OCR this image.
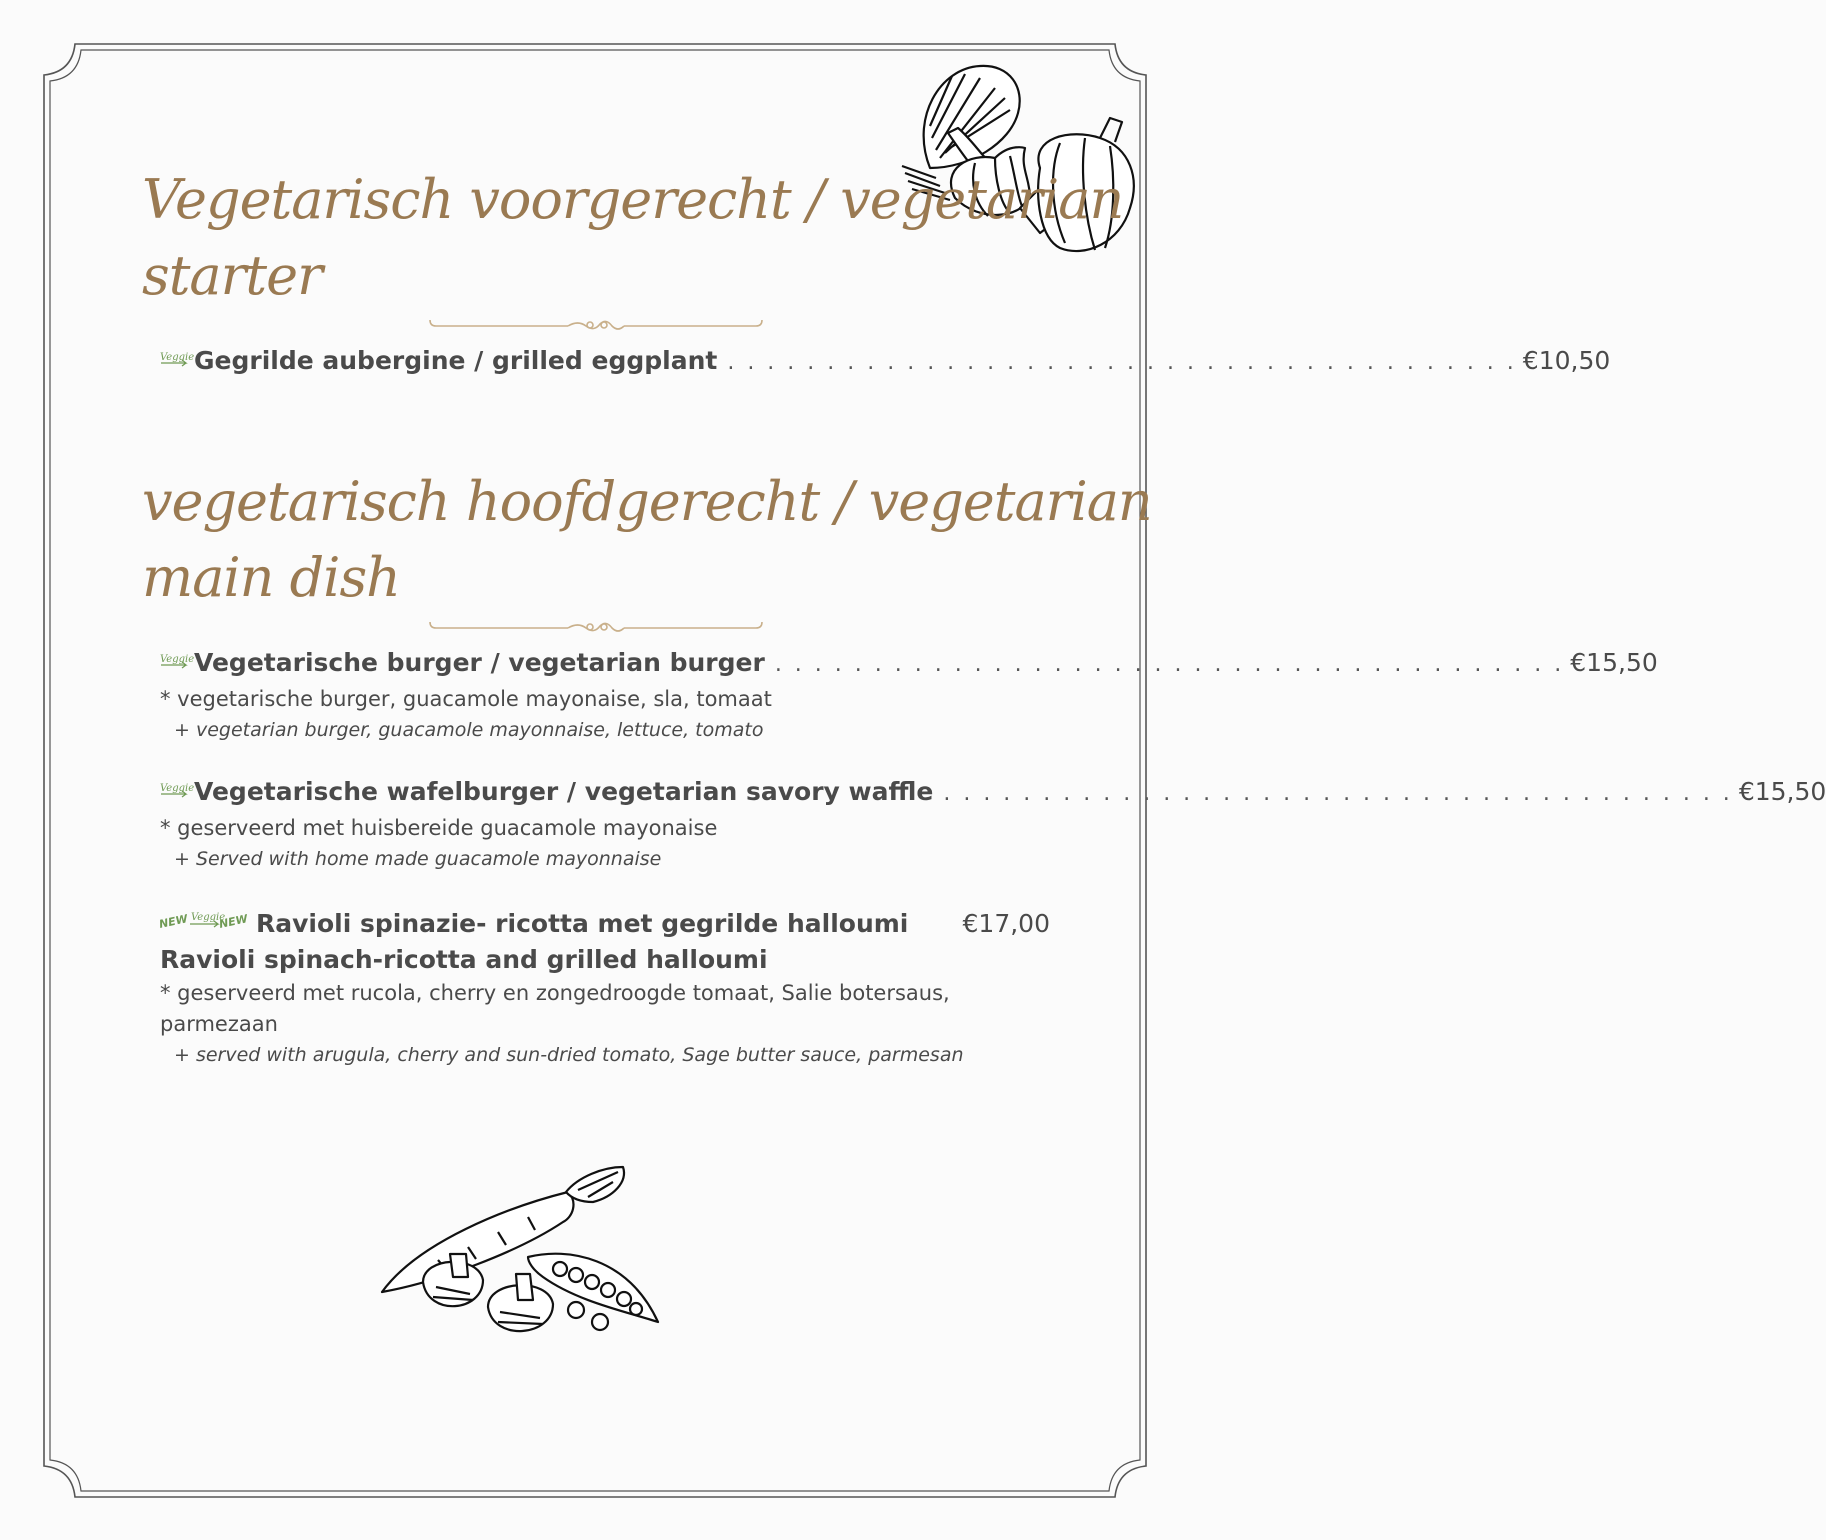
Vegetarisch voorgerecht / vegetarian
starter
Veggie Gegrilde aubergine / grilled eggplant . . . . . . . . . . . . . . . . . . . . . . . . . . . . . . . . . . . . . . . . €10,50
vegetarisch hoofdgerecht / vegetarian
main dish
Veggie Vegetarische burger / vegetarian burger . . . . . . . . . . . . . . . . . . . . . . . . . . . . . . . . . . . . . . . . €15,50
* vegetarische burger, guacamole mayonaise, sla, tomaat
+ vegetarian burger, guacamole mayonnaise, lettuce, tomato
Veggie Vegetarische wafelburger / vegetarian savory waffle . . . . . . . . . . . . . . . . . . . . . . . . . . . . . . . . . . . . . . . . €15,50
* geserveerd met huisbereide guacamole mayonaise
+ Served with home made guacamole mayonnaise
NEW Veggie
NEW Ravioli spinazie- ricotta met gegrilde halloumi €17,00
Ravioli spinach-ricotta and grilled halloumi
* geserveerd met rucola, cherry en zongedroogde tomaat, Salie botersaus,
parmezaan
+ served with arugula, cherry and sun-dried tomato, Sage butter sauce, parmesan
